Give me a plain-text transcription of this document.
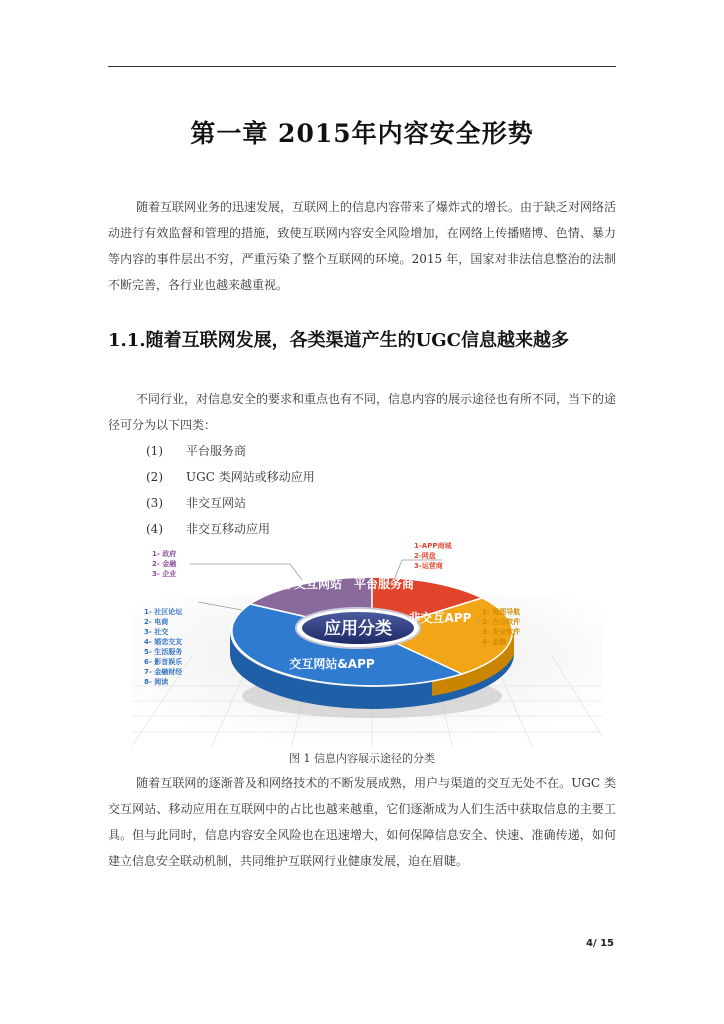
第一章 2015年内容安全形势
随着互联网业务的迅速发展，互联网上的信息内容带来了爆炸式的增长。由于缺乏对网络活动进行有效监督和管理的措施，致使互联网内容安全风险增加，在网络上传播赌博、色情、暴力等内容的事件层出不穷，严重污染了整个互联网的环境。2015 年，国家对非法信息整治的法制不断完善，各行业也越来越重视。
1.1.随着互联网发展，各类渠道产生的UGC信息越来越多
不同行业，对信息安全的要求和重点也有不同，信息内容的展示途径也有所不同，当下的途径可分为以下四类：
(1) 平台服务商
(2) UGC 类网站或移动应用
(3) 非交互网站
(4) 非交互移动应用
应用分类
非交互网站 平台服务商
非交互APP
交互网站&APP
1- 政府
2- 金融
3- 企业
1-APP商城
2-网盘
3-运营商
1- 地图导航
2- 办公软件
3- 安全软件
4- 金融
1- 社区论坛
2- 电商
3- 社交
4- 婚恋交友
5- 生活服务
6- 影音娱乐
7- 金融财经
8- 阅读
图 1 信息内容展示途径的分类
随着互联网的逐渐普及和网络技术的不断发展成熟，用户与渠道的交互无处不在。UGC 类交互网站、移动应用在互联网中的占比也越来越重，它们逐渐成为人们生活中获取信息的主要工具。但与此同时，信息内容安全风险也在迅速增大，如何保障信息安全、快速、准确传递，如何建立信息安全联动机制，共同维护互联网行业健康发展，迫在眉睫。
4/ 15
